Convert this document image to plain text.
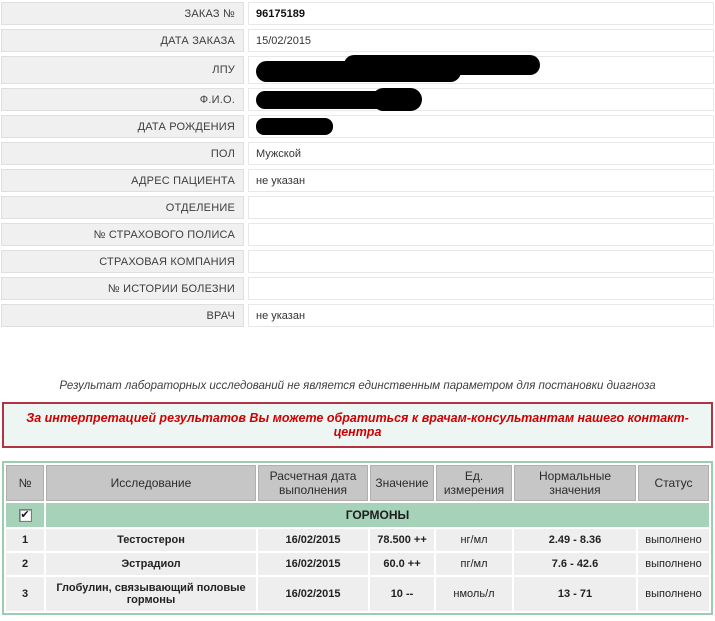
ЗАКАЗ №	96175189
ДАТА ЗАКАЗА	15/02/2015
ЛПУ
Ф.И.О.
ДАТА РОЖДЕНИЯ
ПОЛ	Мужской
АДРЕС ПАЦИЕНТА	не указан
ОТДЕЛЕНИЕ
№ СТРАХОВОГО ПОЛИСА
СТРАХОВАЯ КОМПАНИЯ
№ ИСТОРИИ БОЛЕЗНИ
ВРАЧ	не указан
Результат лабораторных исследований не является единственным параметром для постановки диагноза
За интерпретацией результатов Вы можете обратиться к врачам-консультантам нашего контакт-центра
№	Исследование	Расчетная дата выполнения	Значение	Ед. измерения	Нормальные значения	Статус

✔	ГОРМОНЫ					
1	Тестостерон	16/02/2015	78.500 ++	нг/мл	2.49 - 8.36	выполнено
2	Эстрадиол	16/02/2015	60.0 ++	пг/мл	7.6 - 42.6	выполнено
3	Глобулин, связывающий половые гормоны	16/02/2015	10 --	нмоль/л	13 - 71	выполнено
